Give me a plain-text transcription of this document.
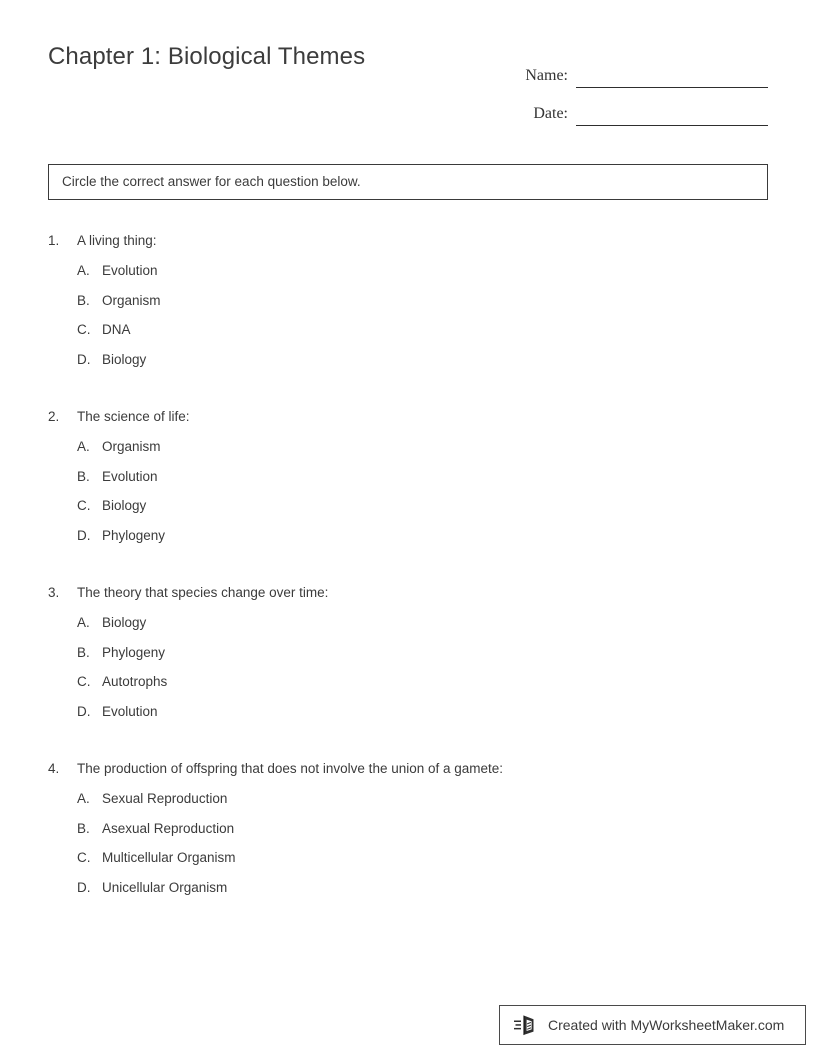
Chapter 1: Biological Themes
Name:
Date:
Circle the correct answer for each question below.
1.	A living thing:
A. Evolution
B. Organism
C. DNA
D. Biology
2.	The science of life:
A. Organism
B. Evolution
C. Biology
D. Phylogeny
3.	The theory that species change over time:
A. Biology
B. Phylogeny
C. Autotrophs
D. Evolution
4.	The production of offspring that does not involve the union of a gamete:
A. Sexual Reproduction
B. Asexual Reproduction
C. Multicellular Organism
D. Unicellular Organism
Created with MyWorksheetMaker.com
